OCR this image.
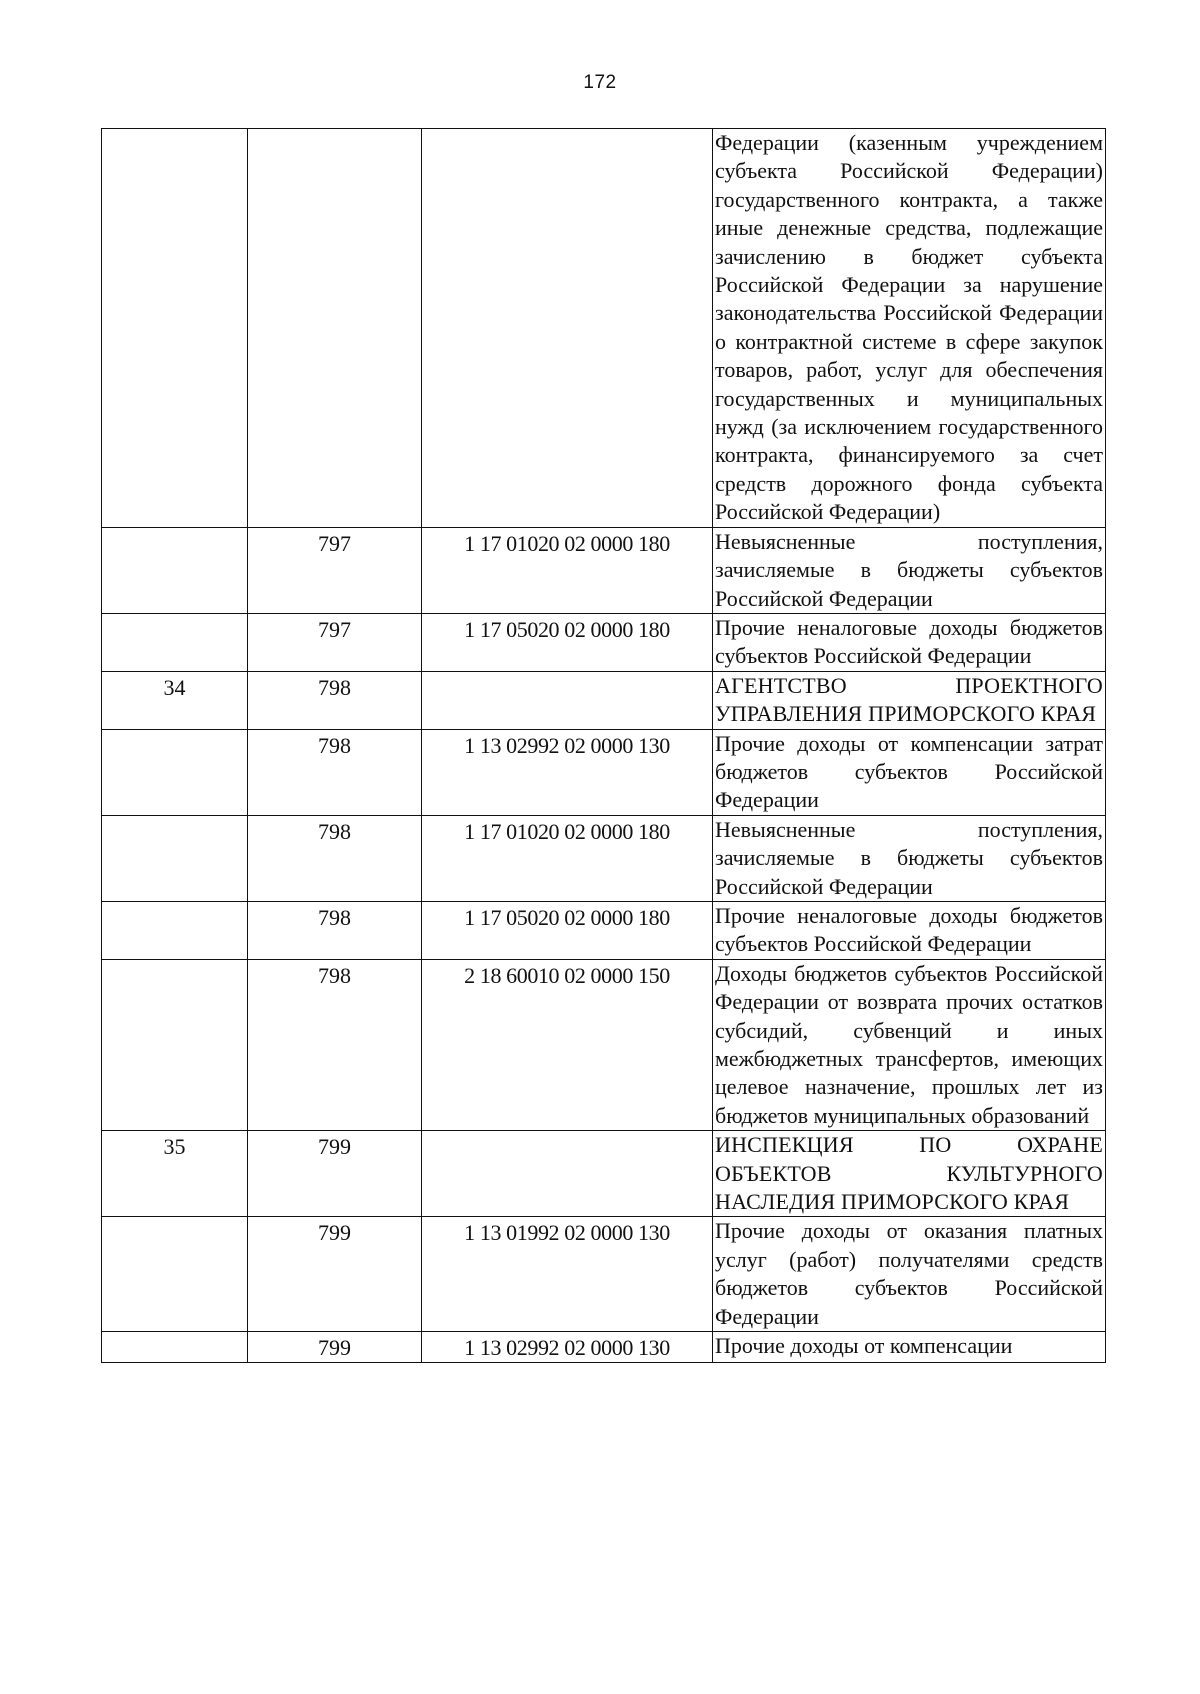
172

			Федерации (казенным учреждением субъекта Российской Федерации) государственного контракта, а также иные денежные средства, подлежащие зачислению в бюджет субъекта Российской Федерации за нарушение законодательства Российской Федерации о контрактной системе в сфере закупок товаров, работ, услуг для обеспечения государственных и муниципальных нужд (за исключением государственного контракта, финансируемого за счет средств дорожного фонда субъекта Российской Федерации)

	797	1 17 01020 02 0000 180	Невыясненные поступления, зачисляемые в бюджеты субъектов Российской Федерации

	797	1 17 05020 02 0000 180	Прочие неналоговые доходы бюджетов субъектов Российской Федерации

34	798		АГЕНТСТВО ПРОЕКТНОГО УПРАВЛЕНИЯ ПРИМОРСКОГО КРАЯ

	798	1 13 02992 02 0000 130	Прочие доходы от компенсации затрат бюджетов субъектов Российской Федерации

	798	1 17 01020 02 0000 180	Невыясненные поступления, зачисляемые в бюджеты субъектов Российской Федерации

	798	1 17 05020 02 0000 180	Прочие неналоговые доходы бюджетов субъектов Российской Федерации

	798	2 18 60010 02 0000 150	Доходы бюджетов субъектов Российской Федерации от возврата прочих остатков субсидий, субвенций и иных межбюджетных трансфертов, имеющих целевое назначение, прошлых лет из бюджетов муниципальных образований

35	799		ИНСПЕКЦИЯ ПО ОХРАНЕ ОБЪЕКТОВ КУЛЬТУРНОГО НАСЛЕДИЯ ПРИМОРСКОГО КРАЯ

	799	1 13 01992 02 0000 130	Прочие доходы от оказания платных услуг (работ) получателями средств бюджетов субъектов Российской Федерации

	799	1 13 02992 02 0000 130	Прочие доходы от компенсации
